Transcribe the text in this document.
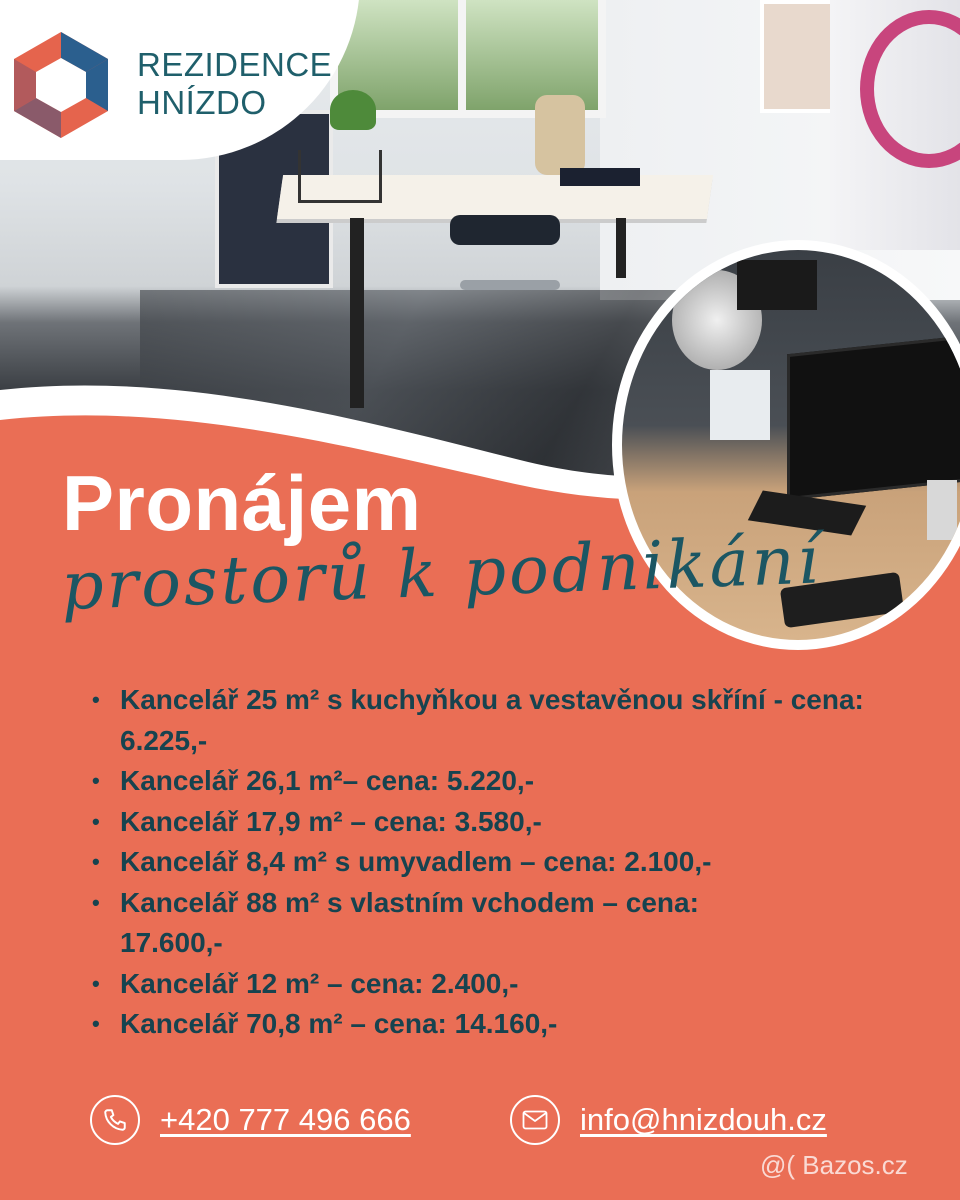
REZIDENCE
HNÍZDO
Pronájem
prostorů k podnikání
• Kancelář 25 m² s kuchyňkou a vestavěnou skříní - cena: 6.225,-
• Kancelář 26,1 m²– cena: 5.220,-
• Kancelář 17,9 m² – cena: 3.580,-
• Kancelář 8,4 m² s umyvadlem – cena: 2.100,-
• Kancelář 88 m² s vlastním vchodem – cena: 17.600,-
• Kancelář 12 m² – cena: 2.400,-
• Kancelář 70,8 m² – cena: 14.160,-
+420 777 496 666	info@hnizdouh.cz
@( Bazos.cz
